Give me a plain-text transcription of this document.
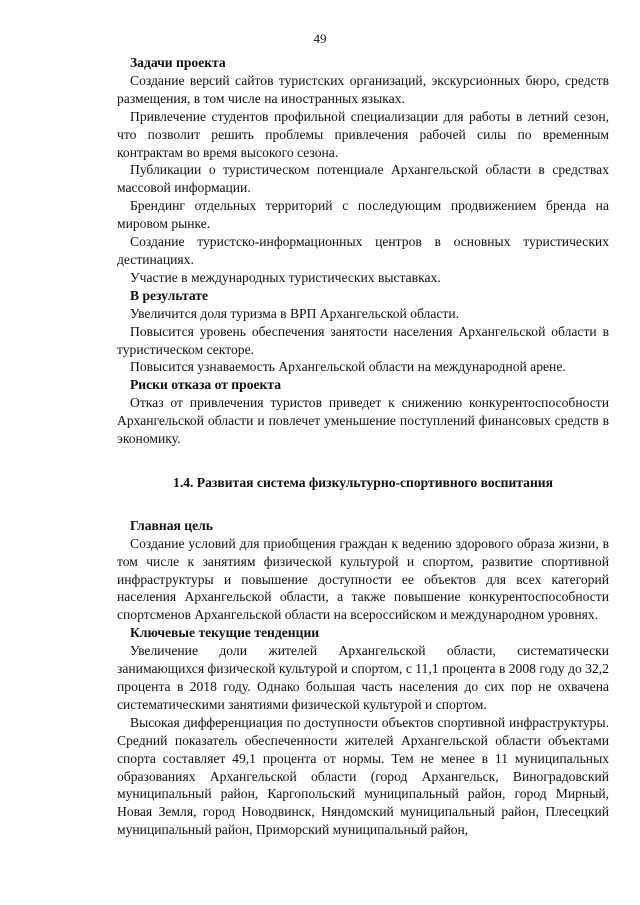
49

Задачи проекта

Создание версий сайтов туристских организаций, экскурсионных бюро, средств размещения, в том числе на иностранных языках.

Привлечение студентов профильной специализации для работы в летний сезон, что позволит решить проблемы привлечения рабочей силы по временным контрактам во время высокого сезона.

Публикации о туристическом потенциале Архангельской области в средствах массовой информации.

Брендинг отдельных территорий с последующим продвижением бренда на мировом рынке.

Создание туристско-информационных центров в основных туристических дестинациях.

Участие в международных туристических выставках.

В результате

Увеличится доля туризма в ВРП Архангельской области.

Повысится уровень обеспечения занятости населения Архангельской области в туристическом секторе.

Повысится узнаваемость Архангельской области на международной арене.

Риски отказа от проекта

Отказ от привлечения туристов приведет к снижению конкурентоспособности Архангельской области и повлечет уменьшение поступлений финансовых средств в экономику.

1.4. Развитая система физкультурно-спортивного воспитания

Главная цель

Создание условий для приобщения граждан к ведению здорового образа жизни, в том числе к занятиям физической культурой и спортом, развитие спортивной инфраструктуры и повышение доступности ее объектов для всех категорий населения Архангельской области, а также повышение конкурентоспособности спортсменов Архангельской области на всероссийском и международном уровнях.

Ключевые текущие тенденции

Увеличение доли жителей Архангельской области, систематически занимающихся физической культурой и спортом, с 11,1 процента в 2008 году до 32,2 процента в 2018 году. Однако большая часть населения до сих пор не охвачена систематическими занятиями физической культурой и спортом.

Высокая дифференциация по доступности объектов спортивной инфраструктуры. Средний показатель обеспеченности жителей Архангельской области объектами спорта составляет 49,1 процента от нормы. Тем не менее в 11 муниципальных образованиях Архангельской области (город Архангельск, Виноградовский муниципальный район, Каргопольский муниципальный район, город Мирный, Новая Земля, город Новодвинск, Няндомский муниципальный район, Плесецкий муниципальный район, Приморский муниципальный район,
